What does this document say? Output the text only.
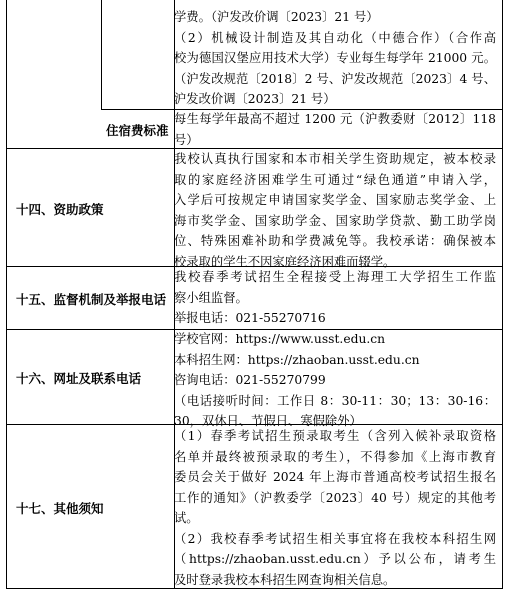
学费。（沪发改价调〔2023〕21 号）
（2）机械设计制造及其自动化（中德合作）（合作高
校为德国汉堡应用技术大学）专业每生每学年 21000 元。
（沪发改规范〔2018〕2 号、沪发改规范〔2023〕4 号、
沪发改价调〔2023〕21 号）
住宿费标准
每生每学年最高不超过 1200 元（沪教委财〔2012〕118
号）
十四、资助政策
我校认真执行国家和本市相关学生资助规定，被本校录
取的家庭经济困难学生可通过“绿色通道”申请入学，
入学后可按规定申请国家奖学金、国家励志奖学金、上
海市奖学金、国家助学金、国家助学贷款、勤工助学岗
位、特殊困难补助和学费减免等。我校承诺：确保被本
校录取的学生不因家庭经济困难而辍学。
十五、监督机制及举报电话
我校春季考试招生全程接受上海理工大学招生工作监
察小组监督。
举报电话：021-55270716
十六、网址及联系电话
学校官网：https://www.usst.edu.cn
本科招生网：https://zhaoban.usst.edu.cn
咨询电话：021-55270799
（电话接听时间：工作日 8：30-11：30；13：30-16：
30，双休日、节假日、寒假除外）
十七、其他须知
（1）春季考试招生预录取考生（含列入候补录取资格
名单并最终被预录取的考生），不得参加《上海市教育
委员会关于做好 2024 年上海市普通高校考试招生报名
工作的通知》（沪教委学〔2023〕40 号）规定的其他考
试。
（2）我校春季考试招生相关事宜将在我校本科招生网
（https://zhaoban.usst.edu.cn）予以公布，请考生
及时登录我校本科招生网查询相关信息。
